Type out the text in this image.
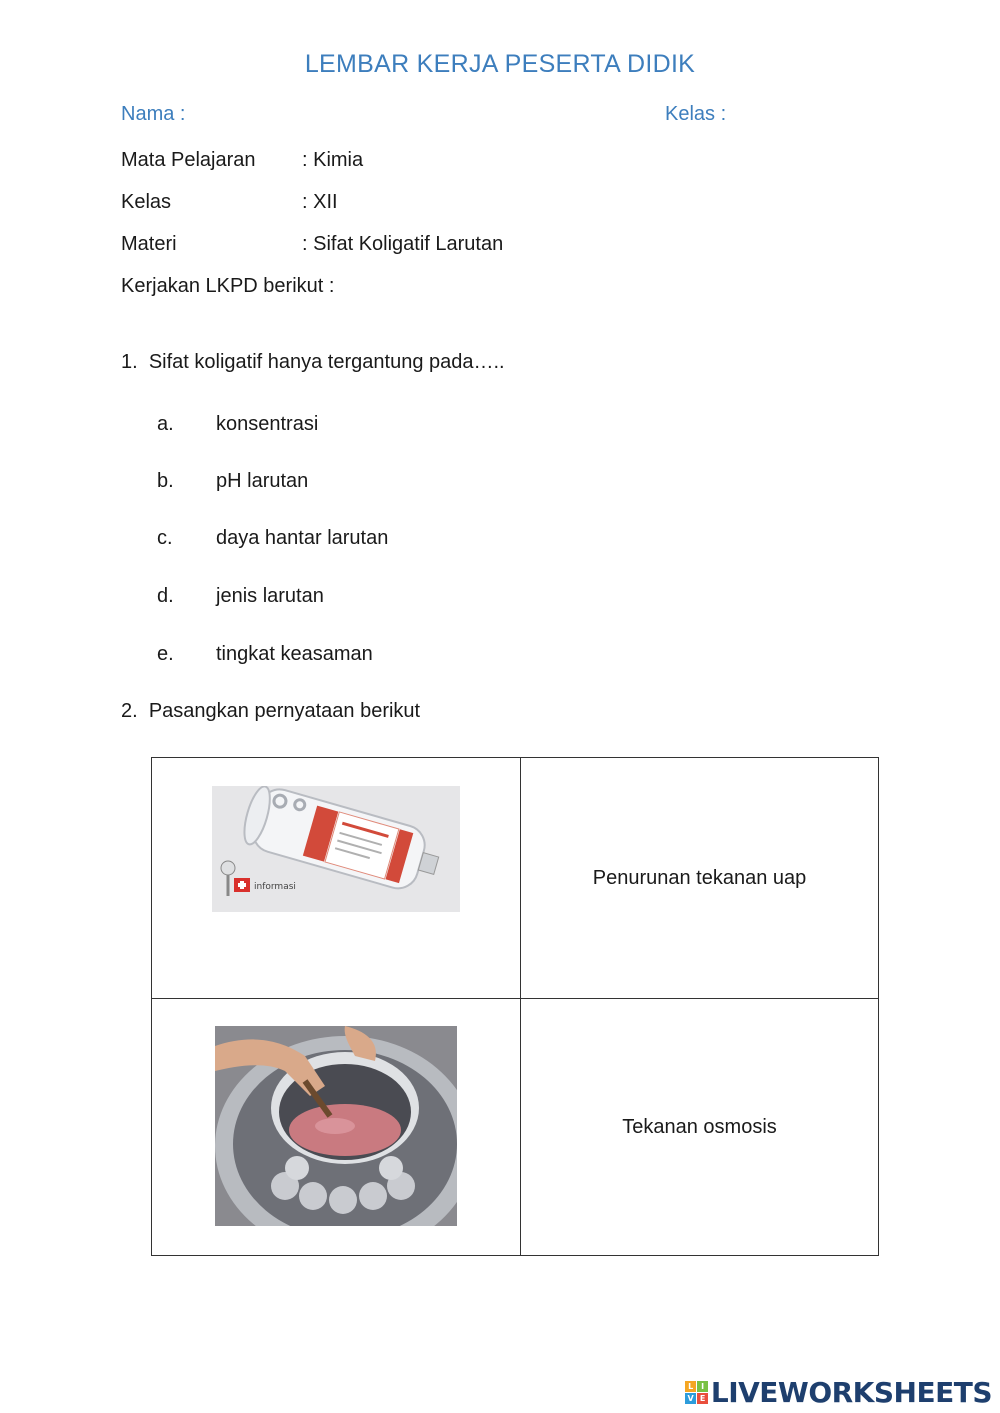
LEMBAR KERJA PESERTA DIDIK
Nama :	Kelas :
Mata Pelajaran : Kimia
Kelas	: XII
Materi	: Sifat Koligatif Larutan
Kerjakan LKPD berikut :
1. Sifat koligatif hanya tergantung pada…..
a. konsentrasi
b. pH larutan
c. daya hantar larutan
d. jenis larutan
e. tingkat keasaman
2. Pasangkan pernyataan berikut
informasi	Penurunan tekanan uap

	Tekanan osmosis
L	I
V E LIVEWORKSHEETS
